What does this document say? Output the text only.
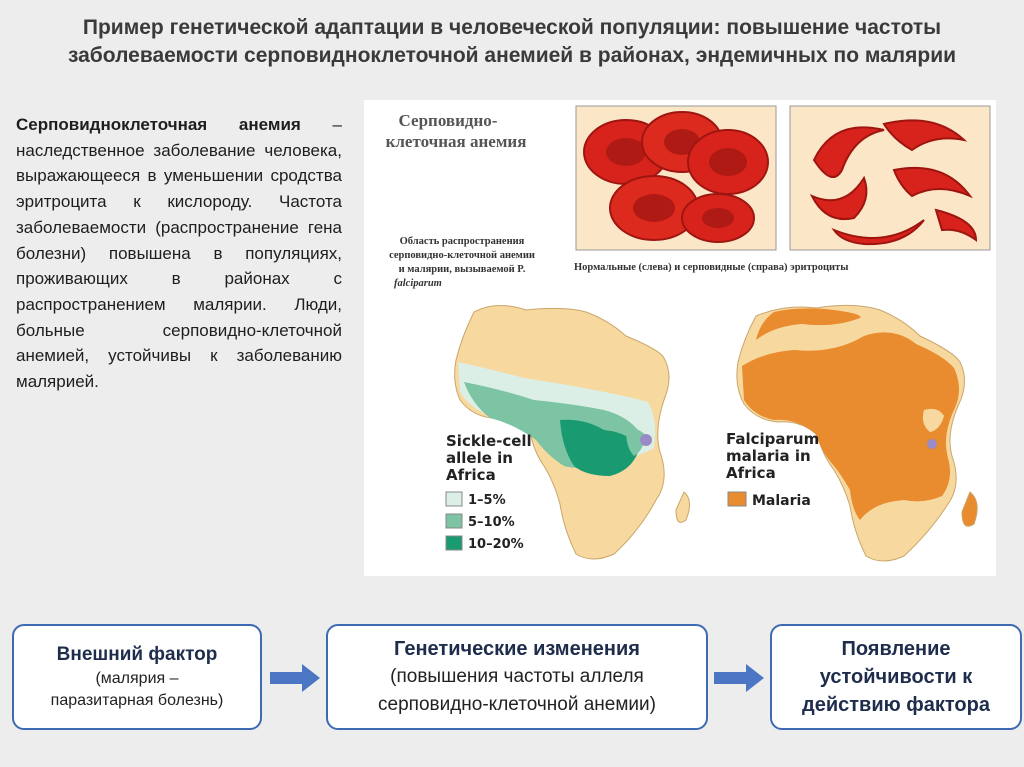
Пример генетической адаптации в человеческой популяции: повышение частоты
заболеваемости серповидноклеточной анемией в районах, эндемичных по малярии
Серповидноклеточная анемия – наследственное заболевание человека, выражающееся в уменьшении сродства эритроцита к кислороду. Частота заболеваемости (распространение гена болезни) повышена в популяциях, проживающих в районах с распространением малярии. Люди, больные серповидно-клеточной анемией, устойчивы к заболеванию малярией.
Серповидно-
клеточная анемия
Нормальные (слева) и серповидные (справа) эритроциты
Область распространения
серповидно-клеточной анемии
и малярии, вызываемой P.
falciparum
Sickle-cell
allele in
Africa
1–5%
5–10%
10–20%
Falciparum
malaria in
Africa
Malaria
Внешний фактор
(малярия –
паразитарная болезнь)
Генетические изменения
(повышения частоты аллеля
серповидно-клеточной анемии)
Появление
устойчивости к
действию фактора
